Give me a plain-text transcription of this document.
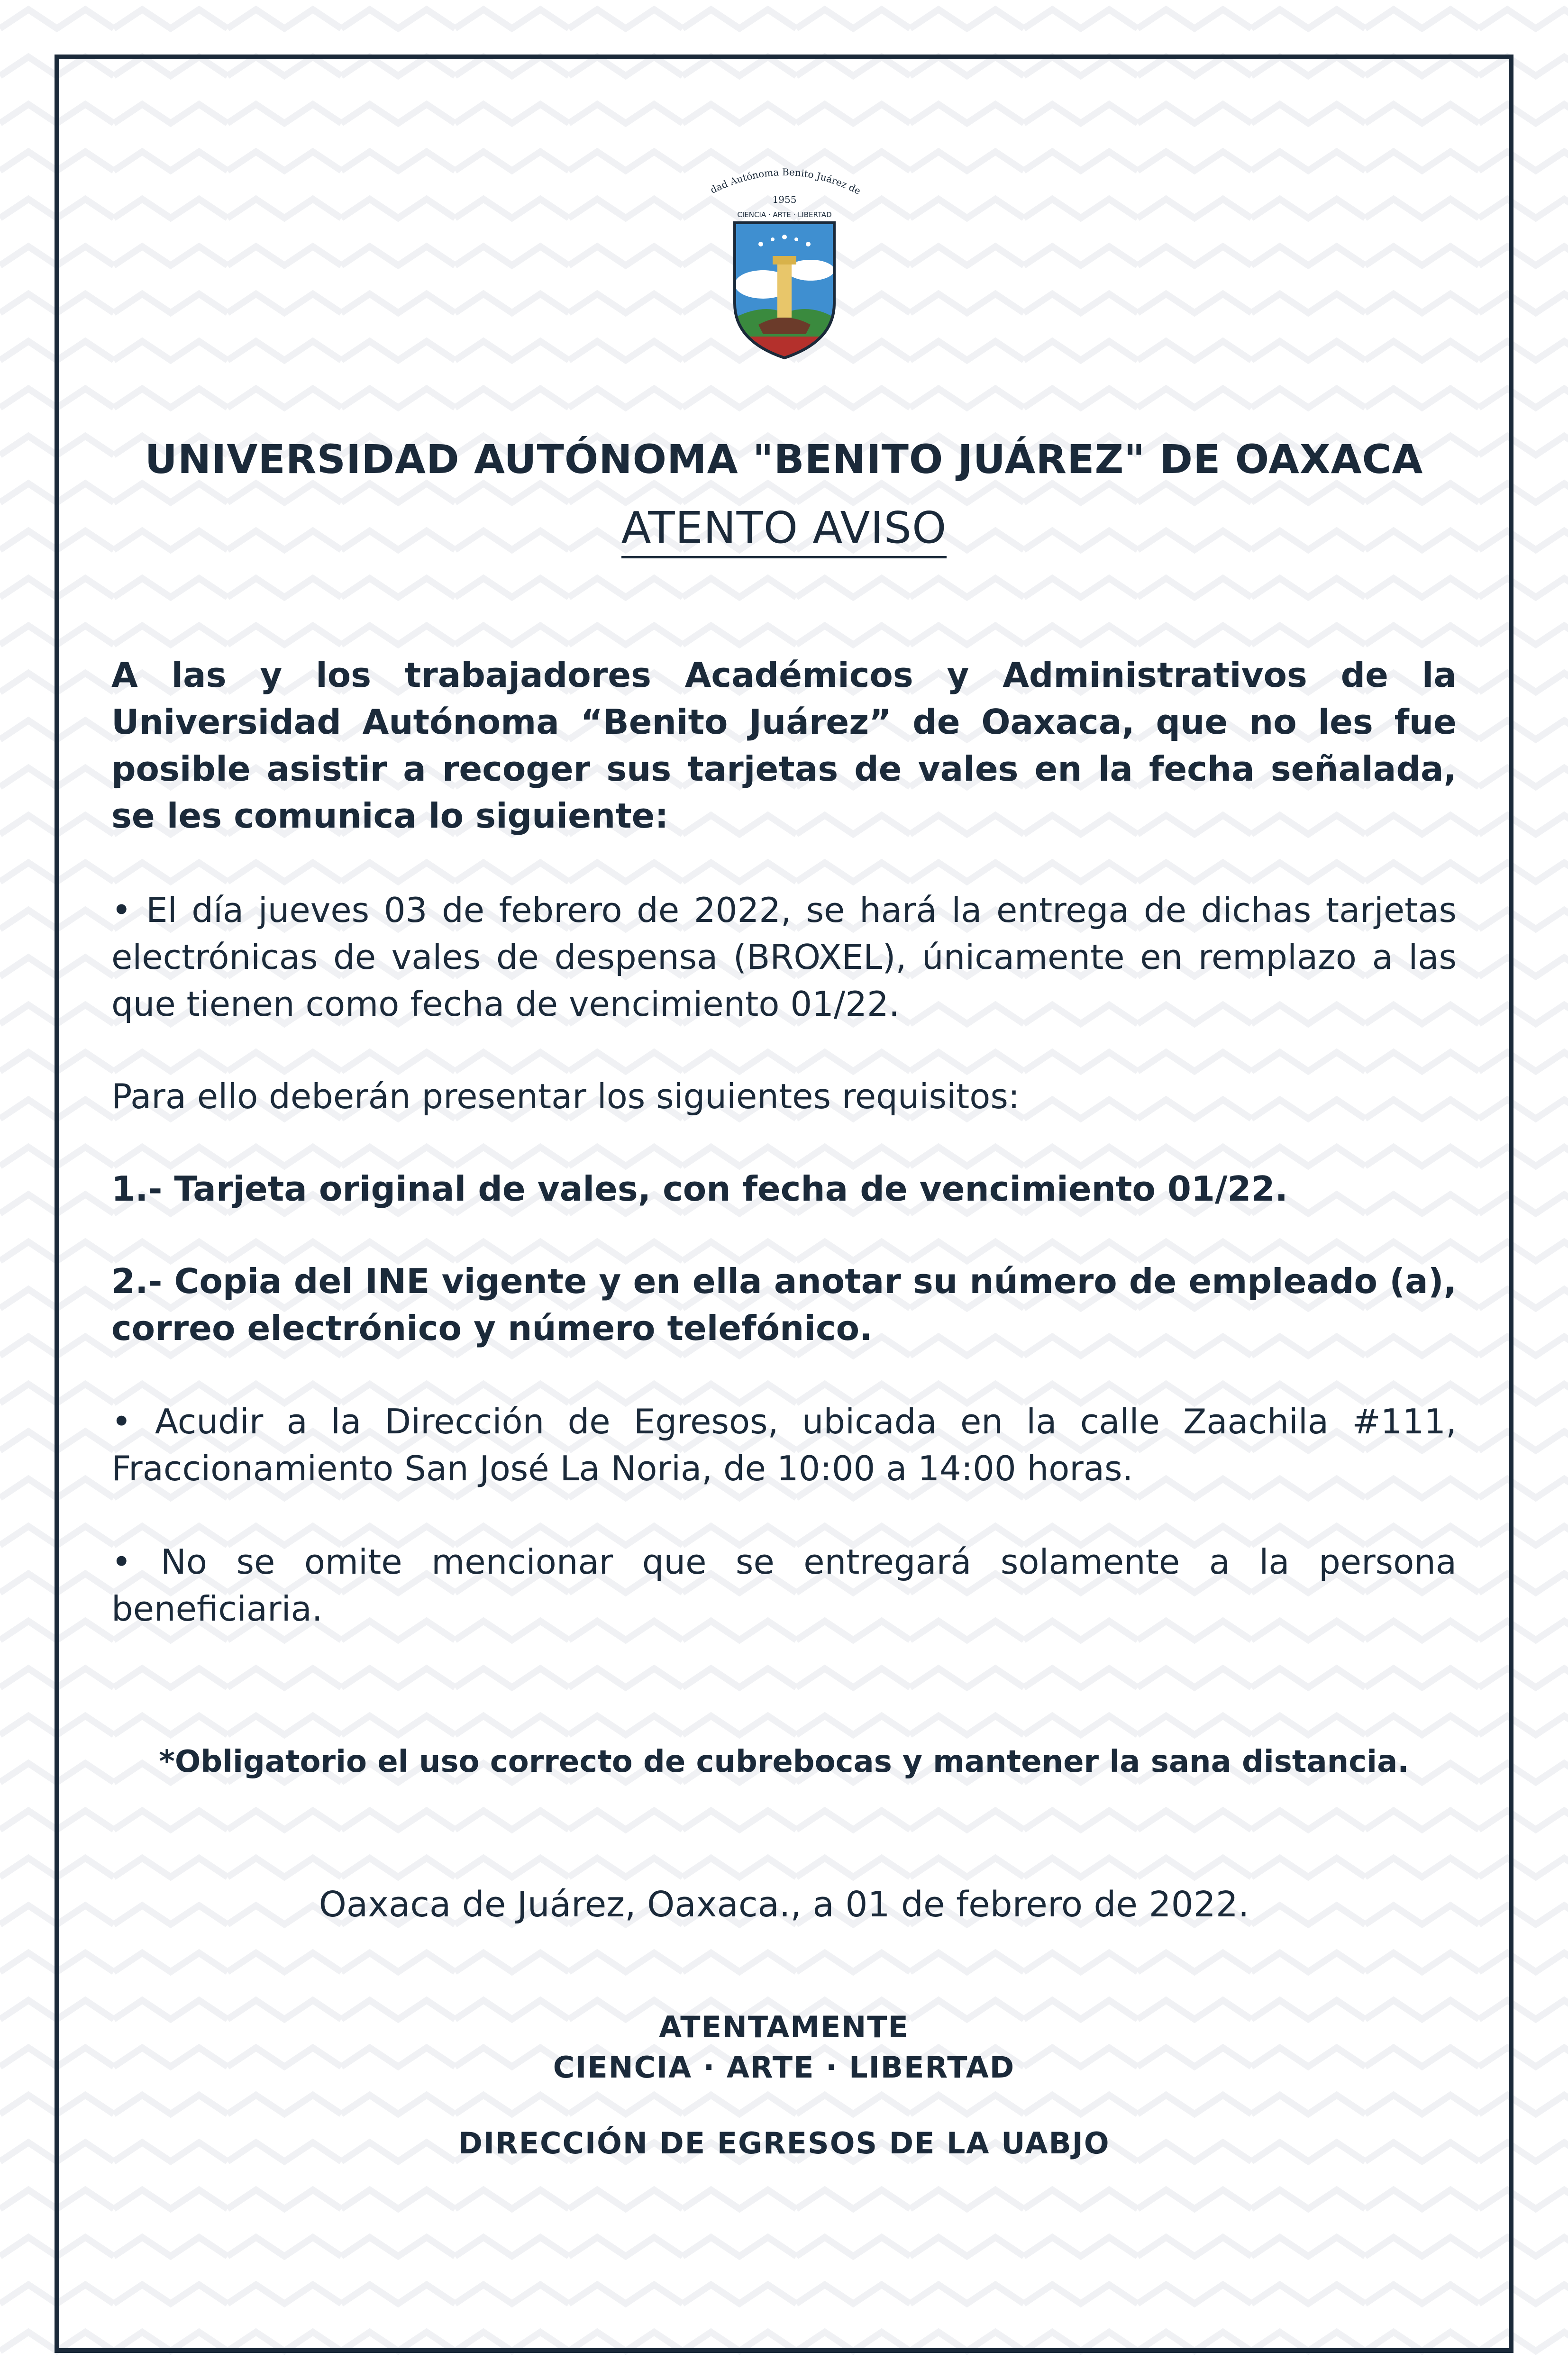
dad Autónoma Benito Juárez de
1955
CIENCIA · ARTE · LIBERTAD
UNIVERSIDAD AUTÓNOMA "BENITO JUÁREZ" DE OAXACA
ATENTO AVISO

A las y los trabajadores Académicos y Administrativos de la Universidad Autónoma “Benito Juárez” de Oaxaca, que no les fue posible asistir a recoger sus tarjetas de vales en la fecha señalada, se les comunica lo siguiente:

• El día jueves 03 de febrero de 2022, se hará la entrega de dichas tarjetas electrónicas de vales de despensa (BROXEL), únicamente en remplazo a las que tienen como fecha de vencimiento 01/22.

Para ello deberán presentar los siguientes requisitos:

1.- Tarjeta original de vales, con fecha de vencimiento 01/22.

2.- Copia del INE vigente y en ella anotar su número de empleado (a), correo electrónico y número telefónico.

• Acudir a la Dirección de Egresos, ubicada en la calle Zaachila #111, Fraccionamiento San José La Noria, de 10:00 a 14:00 horas.

• No se omite mencionar que se entregará solamente a la persona beneficiaria.

*Obligatorio el uso correcto de cubrebocas y mantener la sana distancia.
Oaxaca de Juárez, Oaxaca., a 01 de febrero de 2022.
ATENTAMENTE
CIENCIA · ARTE · LIBERTAD
DIRECCIÓN DE EGRESOS DE LA UABJO
